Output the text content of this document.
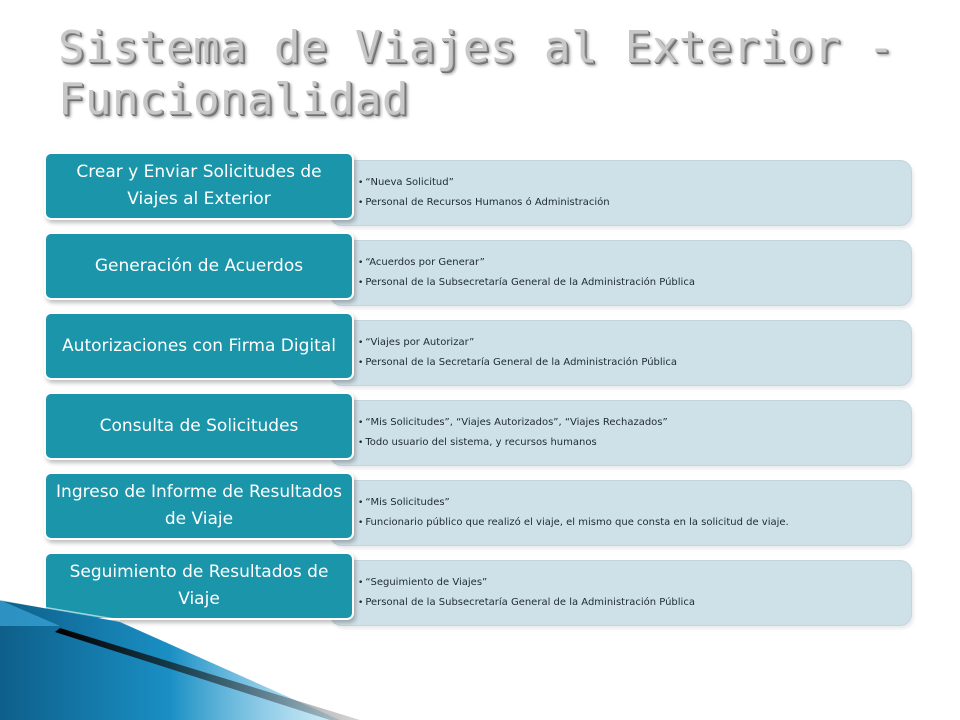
Sistema de Viajes al Exterior - Funcionalidad
• “Nueva Solicitud”
• Personal de Recursos Humanos ó Administración
Crear y Enviar Solicitudes de Viajes al Exterior
• “Acuerdos por Generar”
• Personal de la Subsecretaría General de la Administración Pública
Generación de Acuerdos
• “Viajes por Autorizar”
• Personal de la Secretaría General de la Administración Pública
Autorizaciones con Firma Digital
• “Mis Solicitudes”, “Viajes Autorizados”, “Viajes Rechazados”
• Todo usuario del sistema, y recursos humanos
Consulta de Solicitudes
• “Mis Solicitudes”
• Funcionario público que realizó el viaje, el mismo que consta en la solicitud de viaje.
Ingreso de Informe de Resultados de Viaje
• “Seguimiento de Viajes”
• Personal de la Subsecretaría General de la Administración Pública
Seguimiento de Resultados de Viaje
